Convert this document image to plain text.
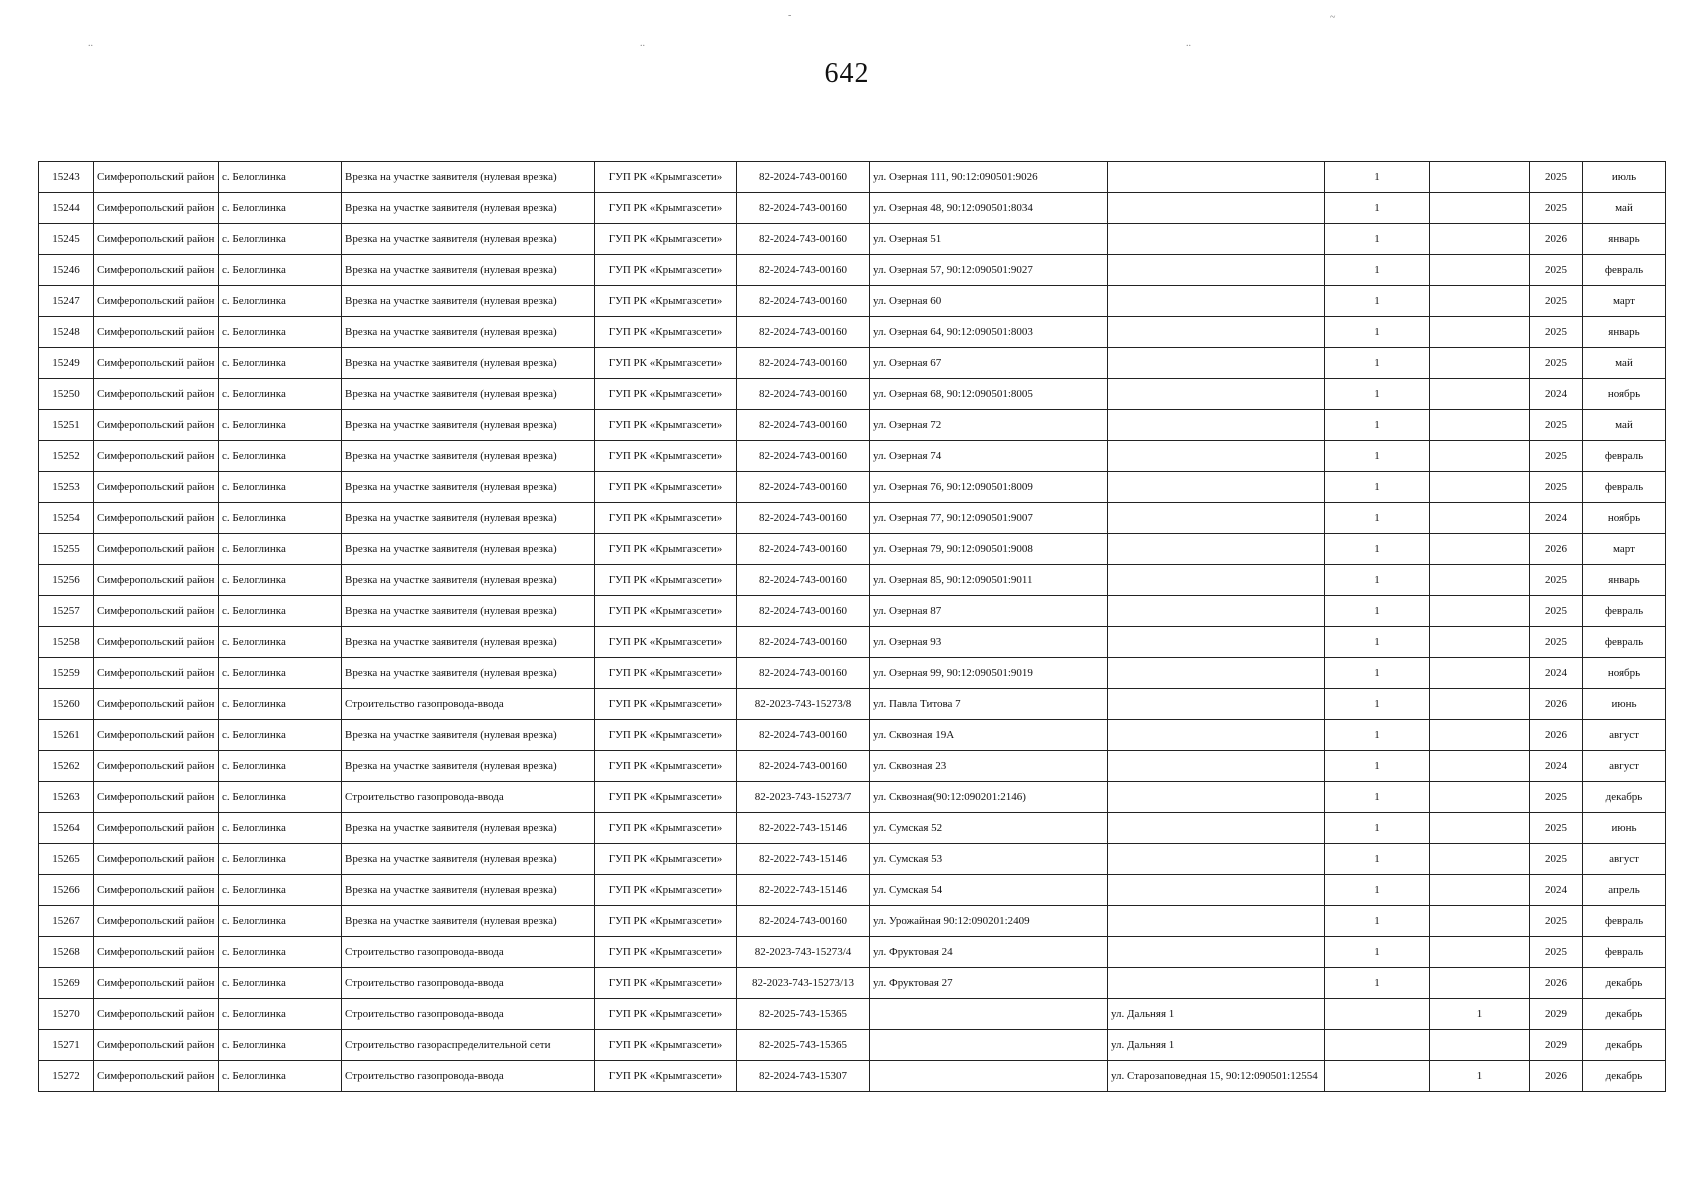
642
..	..
-
..
~
15243	Симферопольский район	с. Белоглинка	Врезка на участке заявителя (нулевая врезка)	ГУП РК «Крымгазсети»	82-2024-743-00160	ул. Озерная 111, 90:12:090501:9026		1		2025	июль
15244	Симферопольский район	с. Белоглинка	Врезка на участке заявителя (нулевая врезка)	ГУП РК «Крымгазсети»	82-2024-743-00160	ул. Озерная 48, 90:12:090501:8034		1		2025	май
15245	Симферопольский район	с. Белоглинка	Врезка на участке заявителя (нулевая врезка)	ГУП РК «Крымгазсети»	82-2024-743-00160	ул. Озерная 51		1		2026	январь
15246	Симферопольский район	с. Белоглинка	Врезка на участке заявителя (нулевая врезка)	ГУП РК «Крымгазсети»	82-2024-743-00160	ул. Озерная 57, 90:12:090501:9027		1		2025	февраль
15247	Симферопольский район	с. Белоглинка	Врезка на участке заявителя (нулевая врезка)	ГУП РК «Крымгазсети»	82-2024-743-00160	ул. Озерная 60		1		2025	март
15248	Симферопольский район	с. Белоглинка	Врезка на участке заявителя (нулевая врезка)	ГУП РК «Крымгазсети»	82-2024-743-00160	ул. Озерная 64, 90:12:090501:8003		1		2025	январь
15249	Симферопольский район	с. Белоглинка	Врезка на участке заявителя (нулевая врезка)	ГУП РК «Крымгазсети»	82-2024-743-00160	ул. Озерная 67		1		2025	май
15250	Симферопольский район	с. Белоглинка	Врезка на участке заявителя (нулевая врезка)	ГУП РК «Крымгазсети»	82-2024-743-00160	ул. Озерная 68, 90:12:090501:8005		1		2024	ноябрь
15251	Симферопольский район	с. Белоглинка	Врезка на участке заявителя (нулевая врезка)	ГУП РК «Крымгазсети»	82-2024-743-00160	ул. Озерная 72		1		2025	май
15252	Симферопольский район	с. Белоглинка	Врезка на участке заявителя (нулевая врезка)	ГУП РК «Крымгазсети»	82-2024-743-00160	ул. Озерная 74		1		2025	февраль
15253	Симферопольский район	с. Белоглинка	Врезка на участке заявителя (нулевая врезка)	ГУП РК «Крымгазсети»	82-2024-743-00160	ул. Озерная 76, 90:12:090501:8009		1		2025	февраль
15254	Симферопольский район	с. Белоглинка	Врезка на участке заявителя (нулевая врезка)	ГУП РК «Крымгазсети»	82-2024-743-00160	ул. Озерная 77, 90:12:090501:9007		1		2024	ноябрь
15255	Симферопольский район	с. Белоглинка	Врезка на участке заявителя (нулевая врезка)	ГУП РК «Крымгазсети»	82-2024-743-00160	ул. Озерная 79, 90:12:090501:9008		1		2026	март
15256	Симферопольский район	с. Белоглинка	Врезка на участке заявителя (нулевая врезка)	ГУП РК «Крымгазсети»	82-2024-743-00160	ул. Озерная 85, 90:12:090501:9011		1		2025	январь
15257	Симферопольский район	с. Белоглинка	Врезка на участке заявителя (нулевая врезка)	ГУП РК «Крымгазсети»	82-2024-743-00160	ул. Озерная 87		1		2025	февраль
15258	Симферопольский район	с. Белоглинка	Врезка на участке заявителя (нулевая врезка)	ГУП РК «Крымгазсети»	82-2024-743-00160	ул. Озерная 93		1		2025	февраль
15259	Симферопольский район	с. Белоглинка	Врезка на участке заявителя (нулевая врезка)	ГУП РК «Крымгазсети»	82-2024-743-00160	ул. Озерная 99, 90:12:090501:9019		1		2024	ноябрь
15260	Симферопольский район	с. Белоглинка	Строительство газопровода-ввода	ГУП РК «Крымгазсети»	82-2023-743-15273/8	ул. Павла Титова 7		1		2026	июнь
15261	Симферопольский район	с. Белоглинка	Врезка на участке заявителя (нулевая врезка)	ГУП РК «Крымгазсети»	82-2024-743-00160	ул. Сквозная 19А		1		2026	август
15262	Симферопольский район	с. Белоглинка	Врезка на участке заявителя (нулевая врезка)	ГУП РК «Крымгазсети»	82-2024-743-00160	ул. Сквозная 23		1		2024	август
15263	Симферопольский район	с. Белоглинка	Строительство газопровода-ввода	ГУП РК «Крымгазсети»	82-2023-743-15273/7	ул. Сквозная(90:12:090201:2146)		1		2025	декабрь
15264	Симферопольский район	с. Белоглинка	Врезка на участке заявителя (нулевая врезка)	ГУП РК «Крымгазсети»	82-2022-743-15146	ул. Сумская 52		1		2025	июнь
15265	Симферопольский район	с. Белоглинка	Врезка на участке заявителя (нулевая врезка)	ГУП РК «Крымгазсети»	82-2022-743-15146	ул. Сумская 53		1		2025	август
15266	Симферопольский район	с. Белоглинка	Врезка на участке заявителя (нулевая врезка)	ГУП РК «Крымгазсети»	82-2022-743-15146	ул. Сумская 54		1		2024	апрель
15267	Симферопольский район	с. Белоглинка	Врезка на участке заявителя (нулевая врезка)	ГУП РК «Крымгазсети»	82-2024-743-00160	ул. Урожайная 90:12:090201:2409		1		2025	февраль
15268	Симферопольский район	с. Белоглинка	Строительство газопровода-ввода	ГУП РК «Крымгазсети»	82-2023-743-15273/4	ул. Фруктовая 24		1		2025	февраль
15269	Симферопольский район	с. Белоглинка	Строительство газопровода-ввода	ГУП РК «Крымгазсети»	82-2023-743-15273/13	ул. Фруктовая 27		1		2026	декабрь
15270	Симферопольский район	с. Белоглинка	Строительство газопровода-ввода	ГУП РК «Крымгазсети»	82-2025-743-15365		ул. Дальняя 1		1	2029	декабрь
15271	Симферопольский район	с. Белоглинка	Строительство газораспределительной сети	ГУП РК «Крымгазсети»	82-2025-743-15365		ул. Дальняя 1			2029	декабрь
15272	Симферопольский район	с. Белоглинка	Строительство газопровода-ввода	ГУП РК «Крымгазсети»	82-2024-743-15307		ул. Старозаповедная 15, 90:12:090501:12554		1	2026	декабрь
